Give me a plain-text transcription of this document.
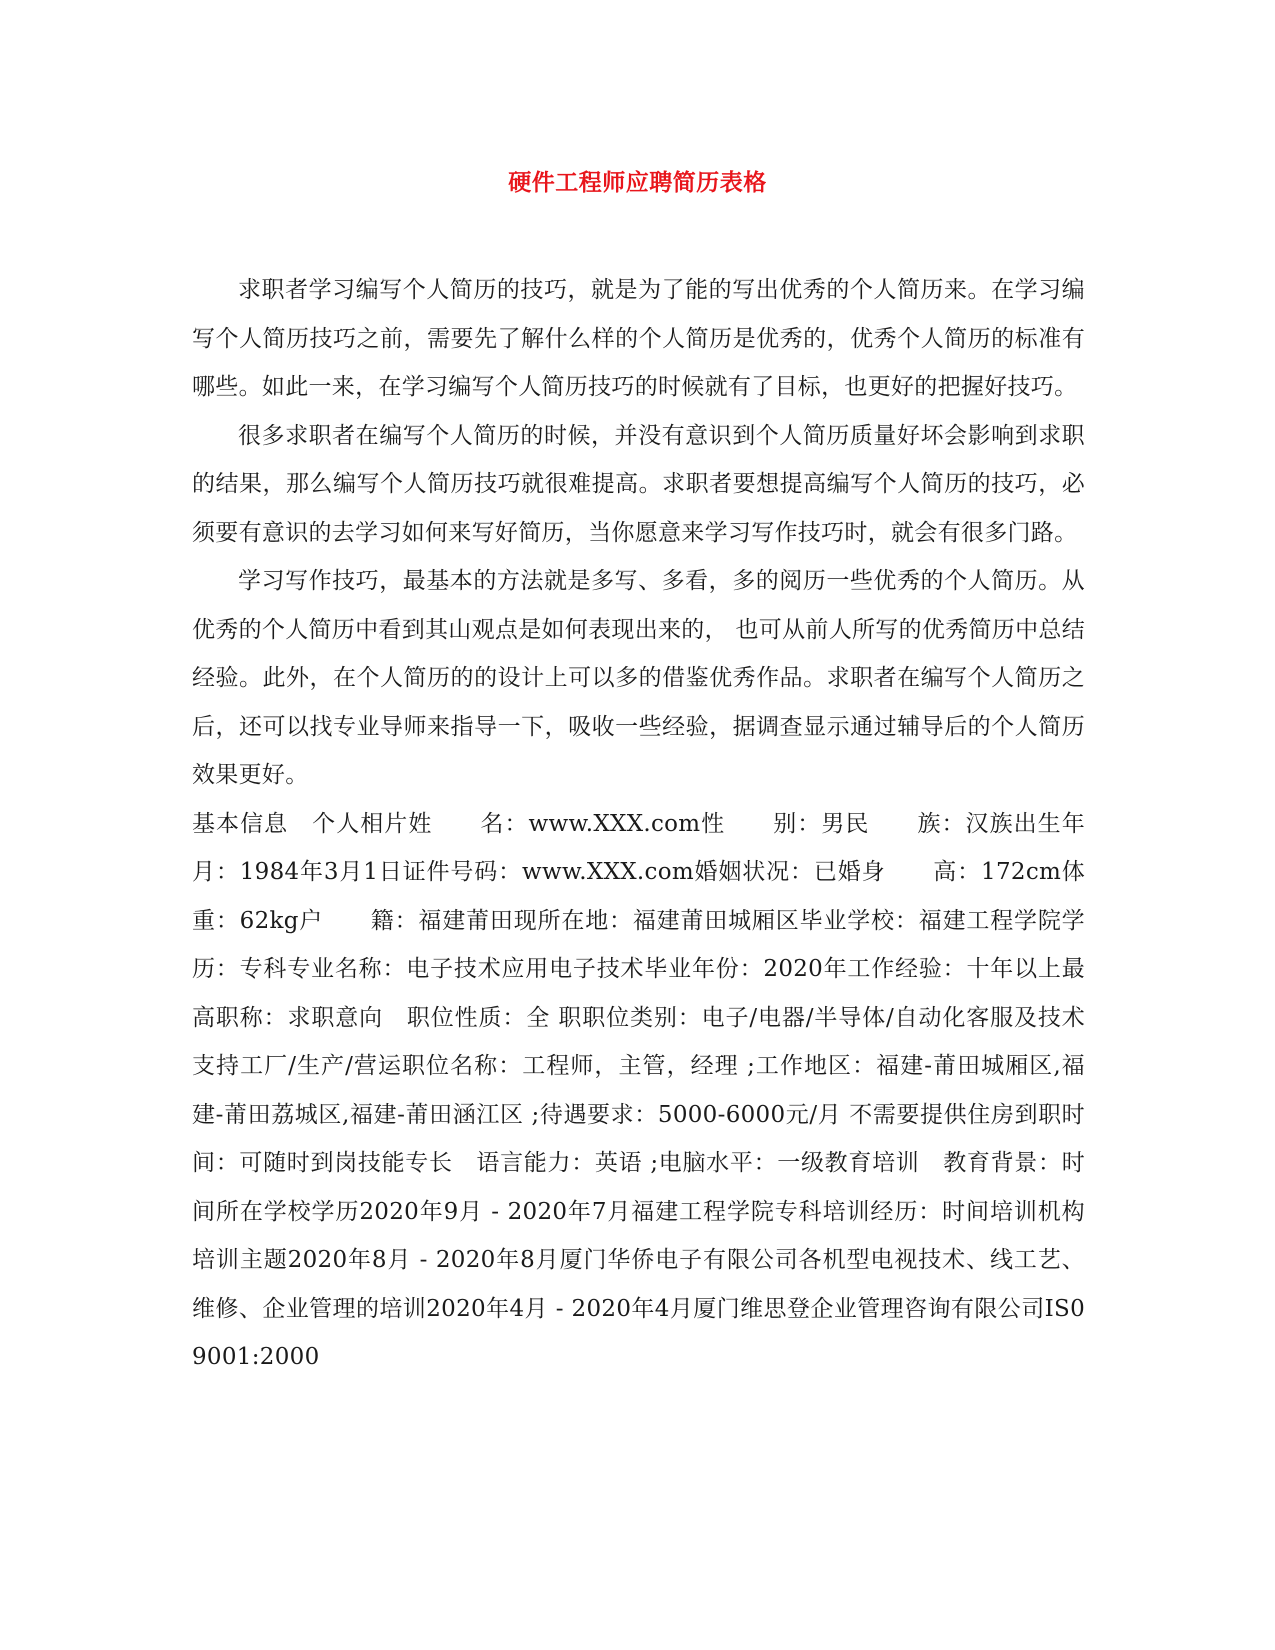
硬件工程师应聘简历表格

求职者学习编写个人简历的技巧，就是为了能的写出优秀的个人简历来。在学习编写个人简历技巧之前，需要先了解什么样的个人简历是优秀的，优秀个人简历的标准有哪些。如此一来，在学习编写个人简历技巧的时候就有了目标，也更好的把握好技巧。

很多求职者在编写个人简历的时候，并没有意识到个人简历质量好坏会影响到求职的结果，那么编写个人简历技巧就很难提高。求职者要想提高编写个人简历的技巧，必须要有意识的去学习如何来写好简历，当你愿意来学习写作技巧时，就会有很多门路。

学习写作技巧，最基本的方法就是多写、多看，多的阅历一些优秀的个人简历。从优秀的个人简历中看到其山观点是如何表现出来的， 也可从前人所写的优秀简历中总结经验。此外，在个人简历的的设计上可以多的借鉴优秀作品。求职者在编写个人简历之后，还可以找专业导师来指导一下，吸收一些经验，据调查显示通过辅导后的个人简历效果更好。

基本信息　个人相片姓　　名：www.XXX.com性　　别：男民　　族：汉族出生年月：1984年3月1日证件号码：www.XXX.com婚姻状况：已婚身　　高：172cm体　　重：62kg户　　籍：福建莆田现所在地：福建莆田城厢区毕业学校：福建工程学院学　　历：专科专业名称：电子技术应用电子技术毕业年份：2020年工作经验：十年以上最高职称：求职意向　职位性质：全 职职位类别：电子/电器/半导体/自动化客服及技术支持工厂/生产/营运职位名称：工程师，主管，经理 ;工作地区：福建-莆田城厢区,福建-莆田荔城区,福建-莆田涵江区 ;待遇要求：5000-6000元/月 不需要提供住房到职时间：可随时到岗技能专长　语言能力：英语 ;电脑水平：一级教育培训　教育背景：时间所在学校学历2020年9月 - 2020年7月福建工程学院专科培训经历：时间培训机构培训主题2020年8月 - 2020年8月厦门华侨电子有限公司各机型电视技术、线工艺、维修、企业管理的培训2020年4月 - 2020年4月厦门维思登企业管理咨询有限公司IS09001:2000
